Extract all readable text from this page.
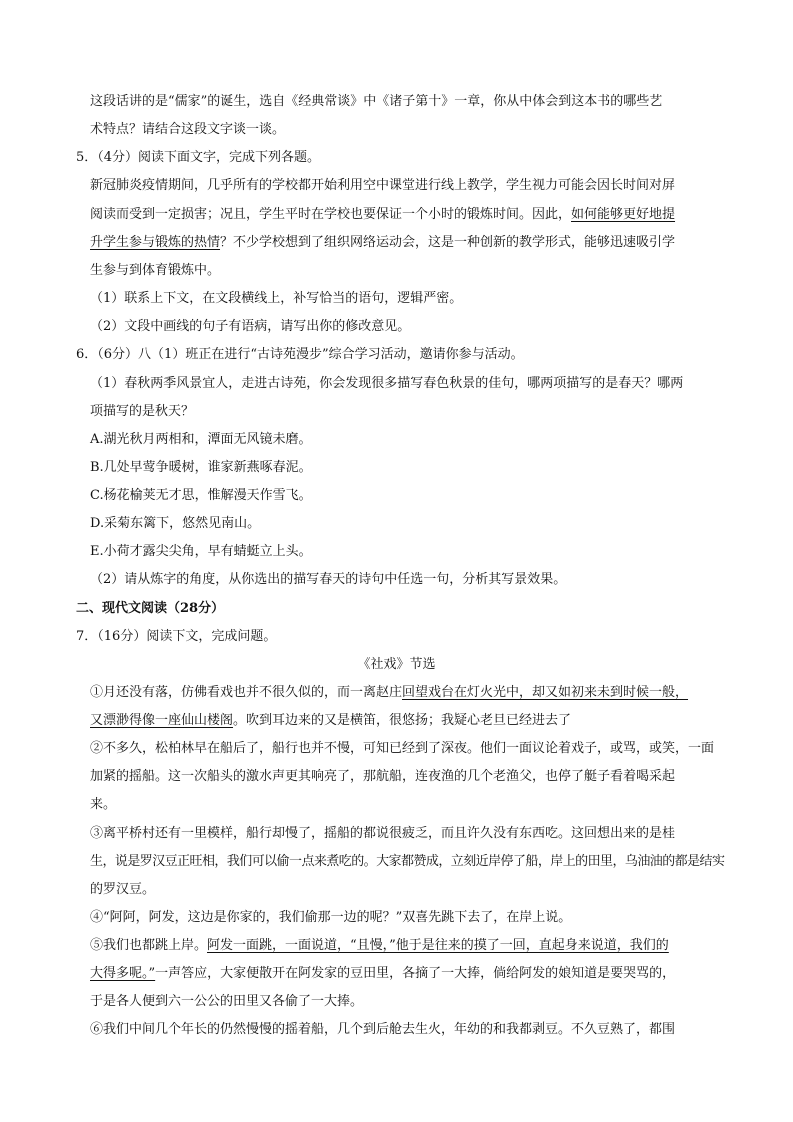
这段话讲的是“儒家”的诞生，选自《经典常谈》中《诸子第十》一章，你从中体会到这本书的哪些艺
术特点？请结合这段文字谈一谈。
5．（4分）阅读下面文字，完成下列各题。
新冠肺炎疫情期间，几乎所有的学校都开始利用空中课堂进行线上教学，学生视力可能会因长时间对屏
阅读而受到一定损害；况且，学生平时在学校也要保证一个小时的锻炼时间。因此，如何能够更好地提
升学生参与锻炼的热情？不少学校想到了组织网络运动会，这是一种创新的教学形式，能够迅速吸引学
生参与到体育锻炼中。
（1）联系上下文，在文段横线上，补写恰当的语句，逻辑严密。
（2）文段中画线的句子有语病，请写出你的修改意见。
6．（6分）八（1）班正在进行“古诗苑漫步”综合学习活动，邀请你参与活动。
（1）春秋两季风景宜人，走进古诗苑，你会发现很多描写春色秋景的佳句，哪两项描写的是春天？哪两
项描写的是秋天？
A.湖光秋月两相和，潭面无风镜未磨。
B.几处早莺争暖树，谁家新燕啄春泥。
C.杨花榆荚无才思，惟解漫天作雪飞。
D.采菊东篱下，悠然见南山。
E.小荷才露尖尖角，早有蜻蜓立上头。
（2）请从炼字的角度，从你选出的描写春天的诗句中任选一句，分析其写景效果。
二、现代文阅读（28分）
7．（16分）阅读下文，完成问题。
《社戏》节选
①月还没有落，仿佛看戏也并不很久似的，而一离赵庄回望戏台在灯火光中，却又如初来未到时候一般，
又漂渺得像一座仙山楼阁。吹到耳边来的又是横笛，很悠扬；我疑心老旦已经进去了
②不多久，松柏林早在船后了，船行也并不慢，可知已经到了深夜。他们一面议论着戏子，或骂，或笑，一面
加紧的摇船。这一次船头的激水声更其响亮了，那航船，连夜渔的几个老渔父，也停了艇子看着喝采起
来。
③离平桥村还有一里模样，船行却慢了，摇船的都说很疲乏，而且许久没有东西吃。这回想出来的是桂
生，说是罗汉豆正旺相，我们可以偷一点来煮吃的。大家都赞成，立刻近岸停了船，岸上的田里，乌油油的都是结实
的罗汉豆。
④“阿阿，阿发，这边是你家的，我们偷那一边的呢？”双喜先跳下去了，在岸上说。
⑤我们也都跳上岸。阿发一面跳，一面说道，“且慢，”他于是往来的摸了一回，直起身来说道，我们的
大得多呢。”一声答应，大家便散开在阿发家的豆田里，各摘了一大捧，倘给阿发的娘知道是要哭骂的，
于是各人便到六一公公的田里又各偷了一大捧。
⑥我们中间几个年长的仍然慢慢的摇着船，几个到后舱去生火，年幼的和我都剥豆。不久豆熟了，都围
